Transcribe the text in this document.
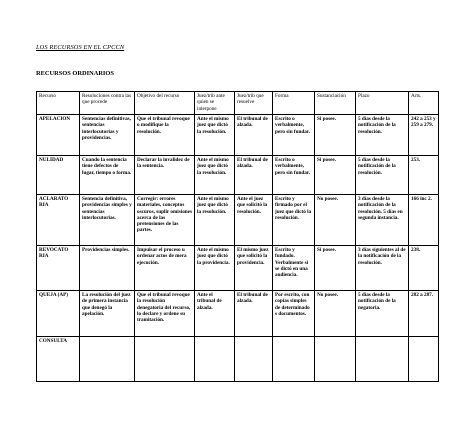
LOS RECURSOS EN EL CPCCN
RECURSOS ORDINARIOS
Recurso	Resoluciones contra las que procede	Objetivo del recurso	Juez/trib ante quien se interpone	Juez/trib que resuelve	Forma	Sustanciación	Plazo	Arts.
APELACION	Sentencias definitivas, sentencias interlocutorias y providencias.	Que el tribunal revoque o modifique la resolución.	Ante el mismo juez que dictó la resolución.	El tribunal de alzada.	Escrito o verbalmente, pero sin fundar.	Si posee.	5 días desde la notificación de la resolución.	242 a 253 y 259 a 279.
NULIDAD	Cuando la sentencia tiene defectos de lugar, tiempo o forma.	Declarar la invalidez de la sentencia.	Ante el mismo juez que dictó la resolución.	El tribunal de alzada.	Escrito o verbalmente, pero sin fundar.	Si posee.	5 días desde la notificación de la resolución.	253.
ACLARATO RIA	Sentencia definitiva, providencias simples y sentencias interlocutorias.	Corregir: errores materiales, conceptos oscuros, suplir omisiones acerca de las pretensiones de las partes.	Ante el mismo juez que dictó la resolución.	Ante el juez que solicitó la resolución.	Escrito y firmado por el juez que dictó la resolución.	No posee.	3 días desde la notificación de la resolución. 5 días en segunda instancia.	166 inc 2.
REVOCATO RIA	Providencias simples.	Impulsar el proceso u ordenar actos de mera ejecución.	Ante el mismo juez que dictó la providencia.	El mismo juez que solicitó la providencia.	Escrito y fundado. Verbalmente si se dictó en una audiencia.	Si posee.	3 días siguientes al de la notificación de la resolución.	238.
QUEJA (AP)	La resolución del juez de primera instancia que denegó la apelación.	Que el tribunal revoque la resolución denegatoria del recurso, lo declare y ordene su tramitación.	Ante el tribunal de alzada.	El tribunal de alzada.	Por escrito, con copias simples de determinado s documentos.	No posee.	5 días desde la notificación de la negatoria.	282 a 287.
CONSULTA								
